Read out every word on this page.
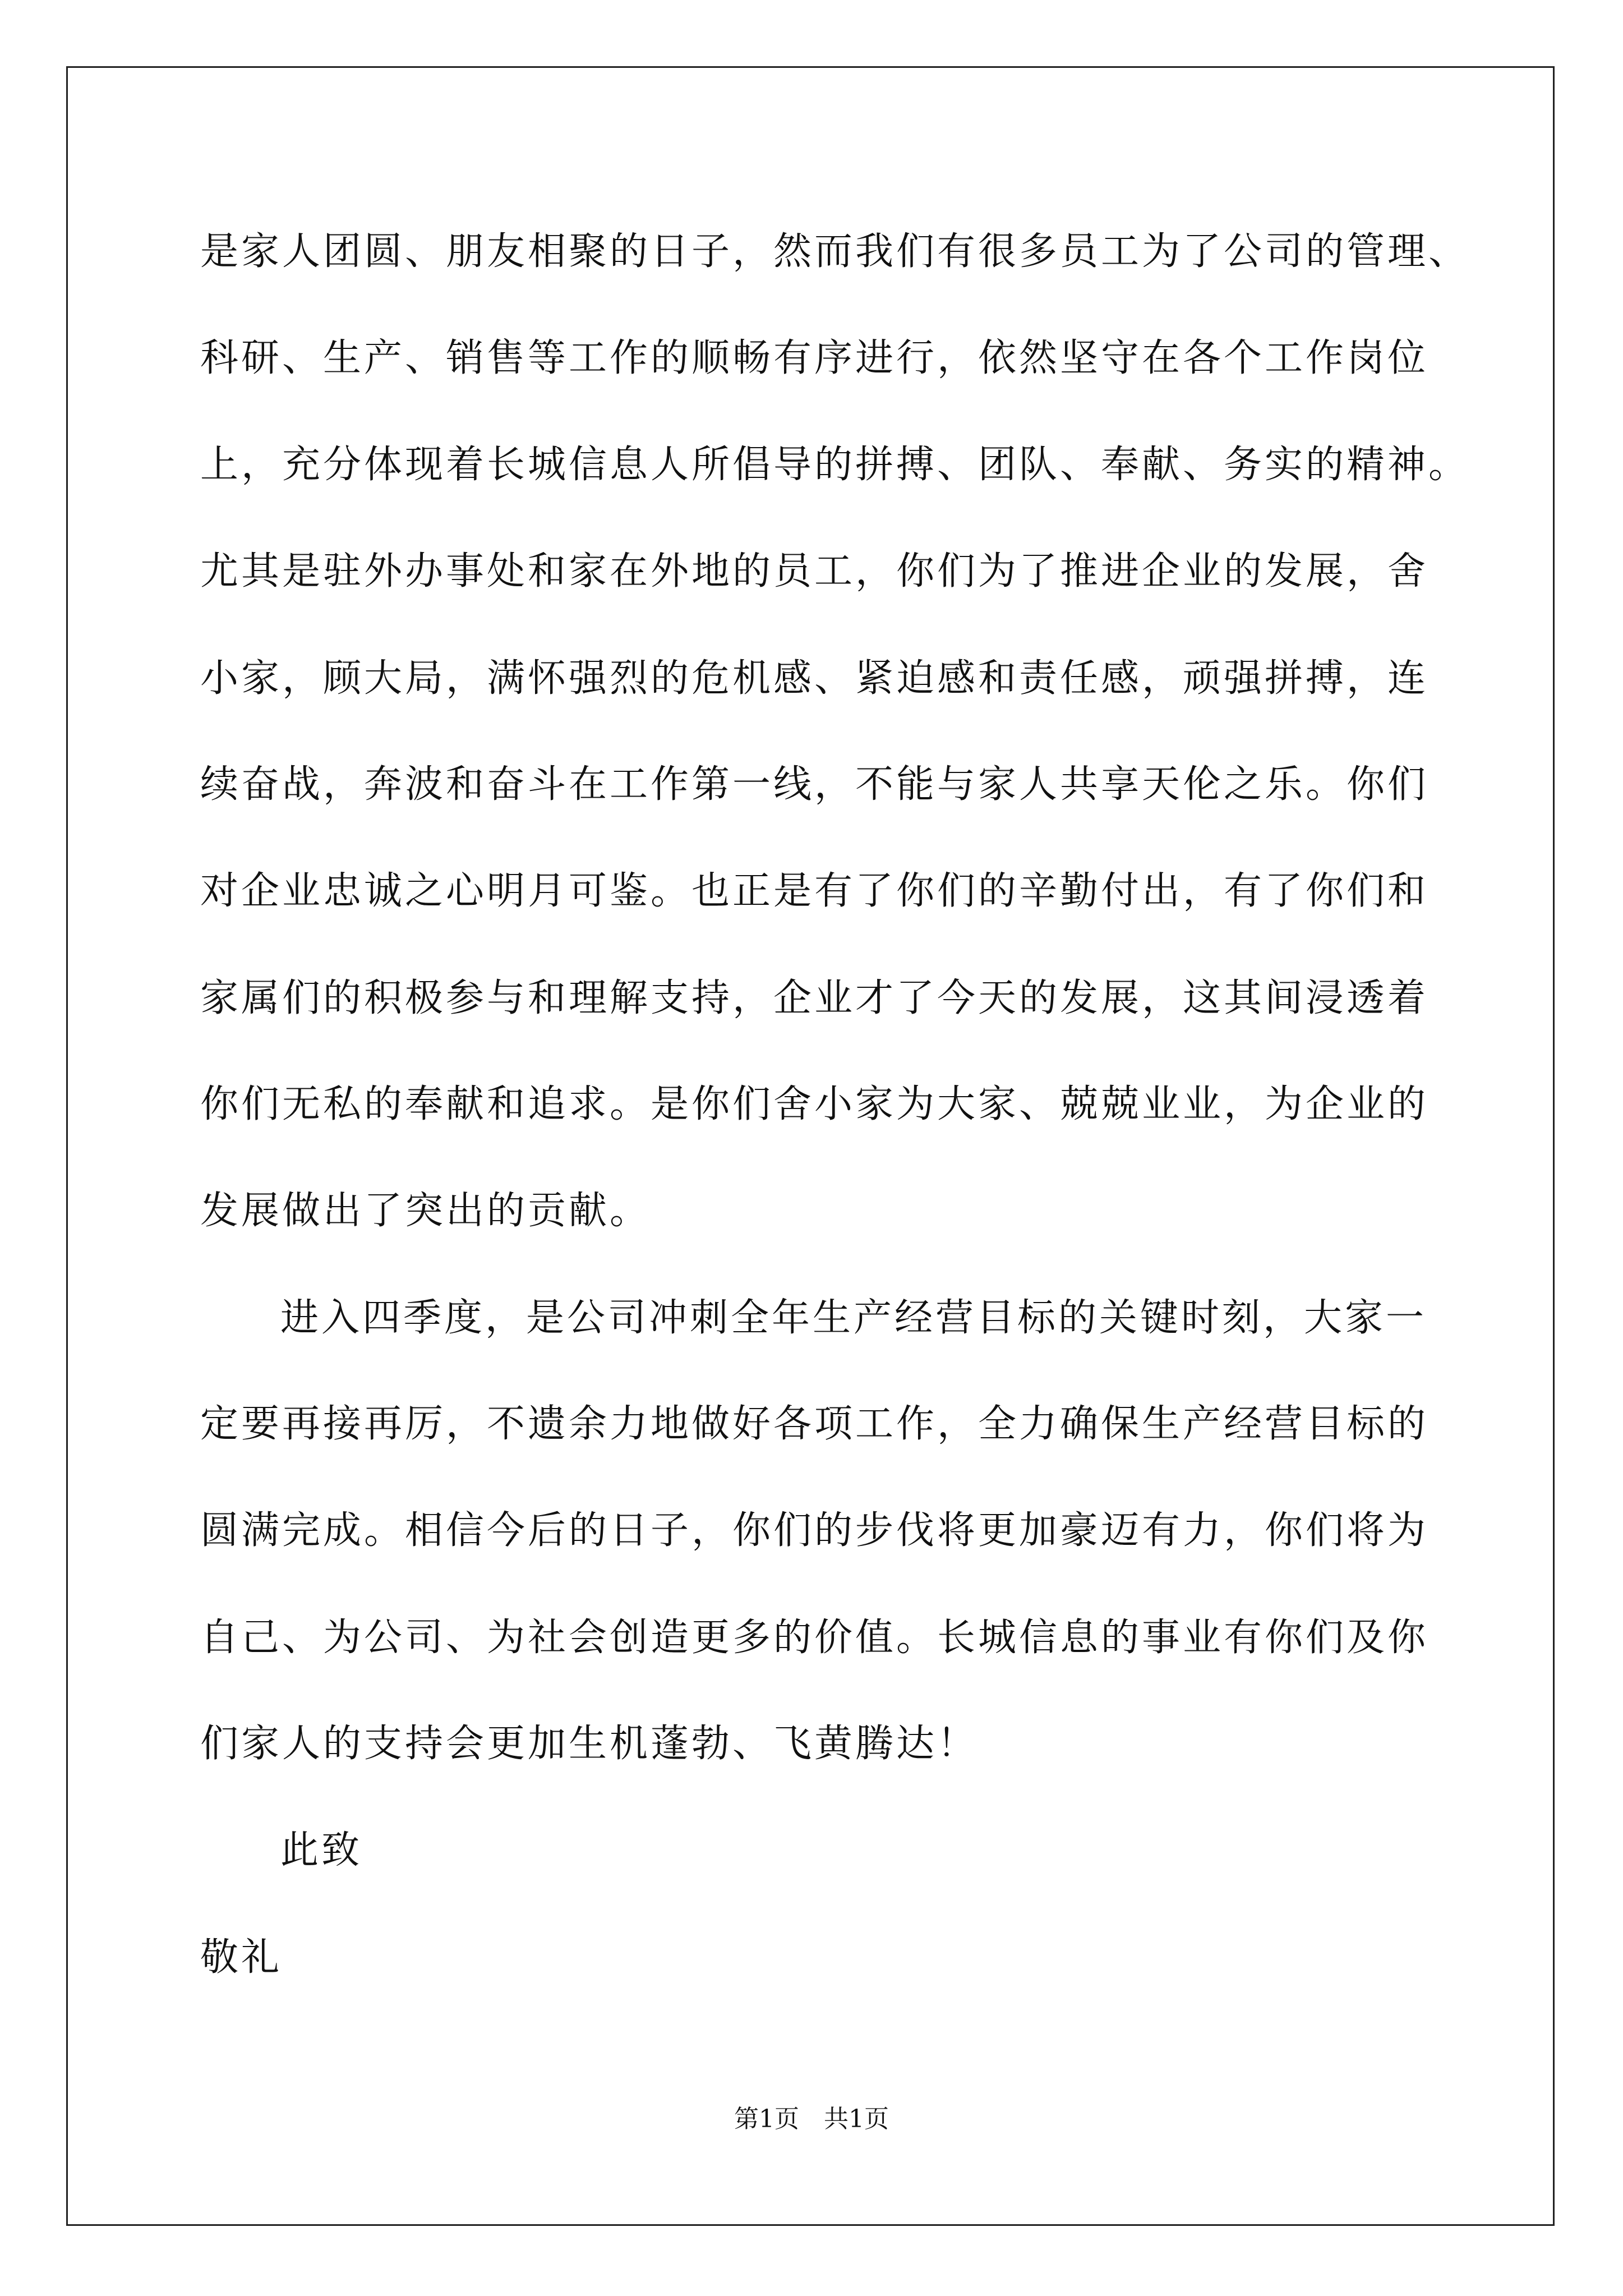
是家人团圆、朋友相聚的日子，然而我们有很多员工为了公司的管理、
科研、生产、销售等工作的顺畅有序进行，依然坚守在各个工作岗位
上，充分体现着长城信息人所倡导的拼搏、团队、奉献、务实的精神。
尤其是驻外办事处和家在外地的员工，你们为了推进企业的发展，舍
小家，顾大局，满怀强烈的危机感、紧迫感和责任感，顽强拼搏，连
续奋战，奔波和奋斗在工作第一线，不能与家人共享天伦之乐。你们
对企业忠诚之心明月可鉴。也正是有了你们的辛勤付出，有了你们和
家属们的积极参与和理解支持，企业才了今天的发展，这其间浸透着
你们无私的奉献和追求。是你们舍小家为大家、兢兢业业，为企业的
发展做出了突出的贡献。
进入四季度，是公司冲刺全年生产经营目标的关键时刻，大家一
定要再接再厉，不遗余力地做好各项工作，全力确保生产经营目标的
圆满完成。相信今后的日子，你们的步伐将更加豪迈有力，你们将为
自己、为公司、为社会创造更多的价值。长城信息的事业有你们及你
们家人的支持会更加生机蓬勃、飞黄腾达！
此致
敬礼
第1页　共1页
